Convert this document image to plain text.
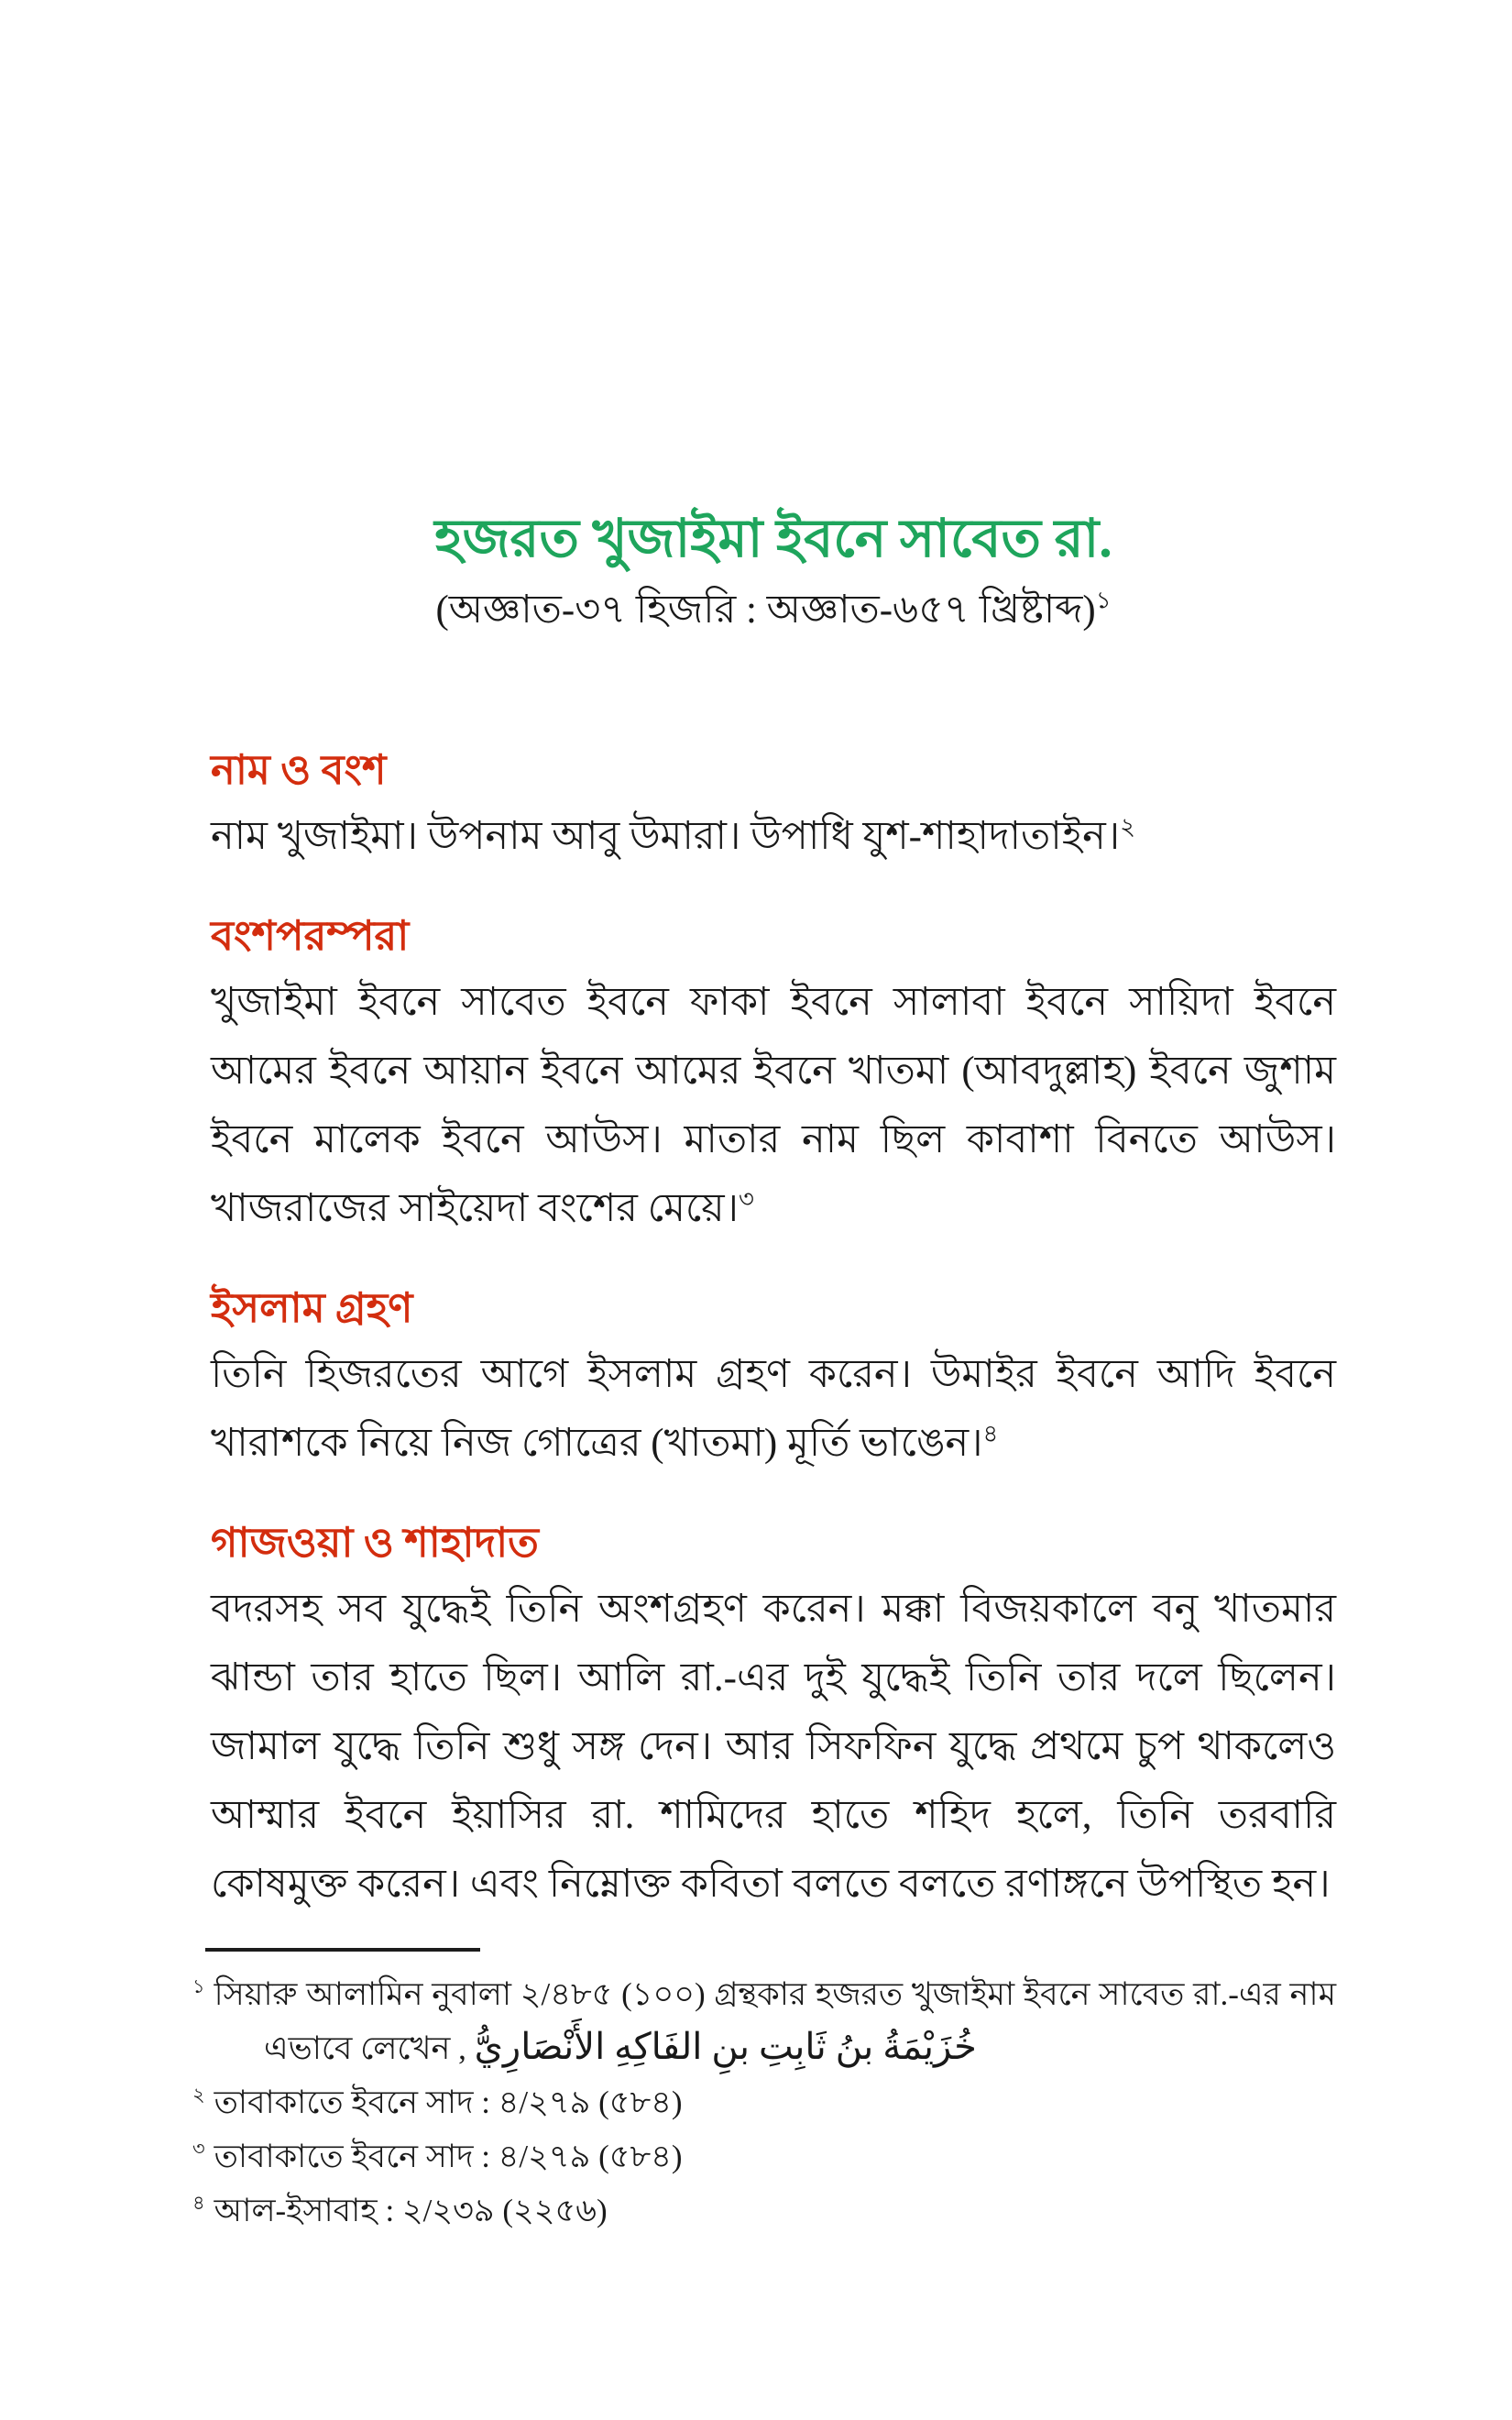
হজরত খুজাইমা ইবনে সাবেত রা.
(অজ্ঞাত-৩৭ হিজরি : অজ্ঞাত-৬৫৭ খ্রিষ্টাব্দ)$^১$
নাম ও বংশ
নাম খুজাইমা। উপনাম আবু উমারা। উপাধি যুশ-শাহাদাতাইন।$^২$
বংশপরম্পরা
খুজাইমা ইবনে সাবেত ইবনে ফাকা ইবনে সালাবা ইবনে সায়িদা ইবনে আমের ইবনে আয়ান ইবনে আমের ইবনে খাতমা (আবদুল্লাহ) ইবনে জুশাম ইবনে মালেক ইবনে আউস। মাতার নাম ছিল কাবাশা বিনতে আউস। খাজরাজের সাইয়েদা বংশের মেয়ে।$^৩$
ইসলাম গ্রহণ
তিনি হিজরতের আগে ইসলাম গ্রহণ করেন। উমাইর ইবনে আদি ইবনে খারাশকে নিয়ে নিজ গোত্রের (খাতমা) মূর্তি ভাঙেন।$^৪$
গাজওয়া ও শাহাদাত
বদরসহ সব যুদ্ধেই তিনি অংশগ্রহণ করেন। মক্কা বিজয়কালে বনু খাতমার ঝান্ডা তার হাতে ছিল। আলি রা.-এর দুই যুদ্ধেই তিনি তার দলে ছিলেন। জামাল যুদ্ধে তিনি শুধু সঙ্গ দেন। আর সিফফিন যুদ্ধে প্রথমে চুপ থাকলেও আম্মার ইবনে ইয়াসির রা. শামিদের হাতে শহিদ হলে, তিনি তরবারি কোষমুক্ত করেন। এবং নিম্নোক্ত কবিতা বলতে বলতে রণাঙ্গনে উপস্থিত হন।
$^১$ সিয়ারু আলামিন নুবালা ২/৪৮৫ (১০০) গ্রন্থকার হজরত খুজাইমা ইবনে সাবেত রা.-এর নাম এভাবে লেখেন , خُزَيْمَةُ بنُ ثَابِتِ بنِ الفَاكِهِ الأَنْصَارِيُّ
$^২$ তাবাকাতে ইবনে সাদ : ৪/২৭৯ (৫৮৪)
$^৩$ তাবাকাতে ইবনে সাদ : ৪/২৭৯ (৫৮৪)
$^৪$ আল-ইসাবাহ : ২/২৩৯ (২২৫৬)
